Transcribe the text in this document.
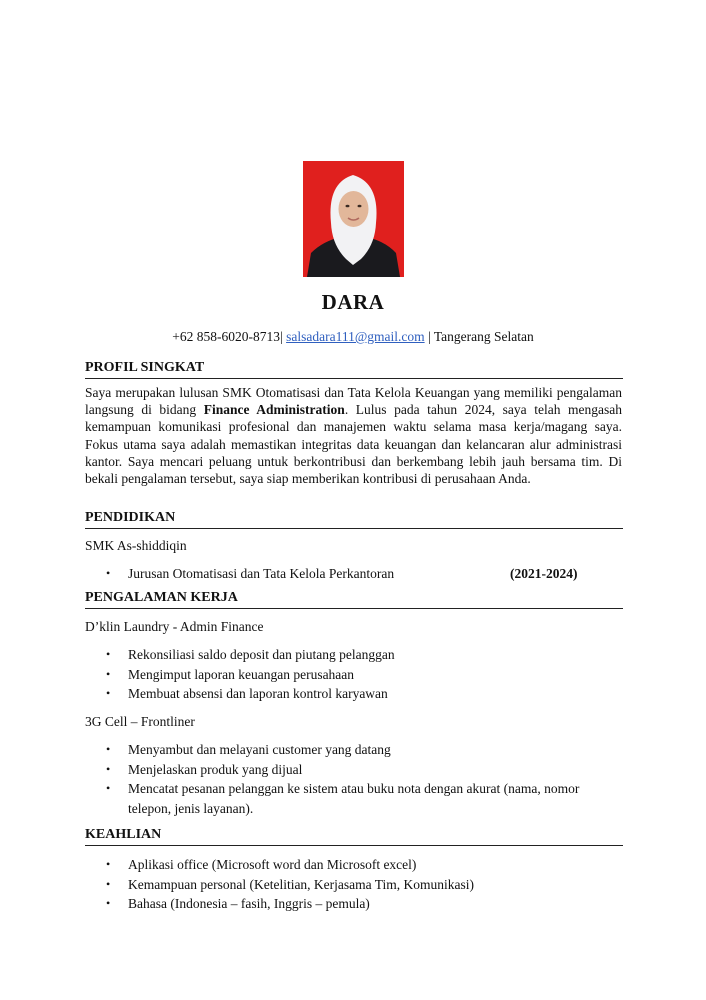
DARA
+62 858-6020-8713| salsadara111@gmail.com | Tangerang Selatan
PROFIL SINGKAT

Saya merupakan lulusan SMK Otomatisasi dan Tata Kelola Keuangan yang memiliki pengalaman langsung di bidang Finance Administration. Lulus pada tahun 2024, saya telah mengasah kemampuan komunikasi profesional dan manajemen waktu selama masa kerja/magang saya. Fokus utama saya adalah memastikan integritas data keuangan dan kelancaran alur administrasi kantor. Saya mencari peluang untuk berkontribusi dan berkembang lebih jauh bersama tim. Di bekali pengalaman tersebut, saya siap memberikan kontribusi di perusahaan Anda.

PENDIDIKAN
SMK As-shiddiqin
• Jurusan Otomatisasi dan Tata Kelola Perkantoran	(2021-2024)
PENGALAMAN KERJA
D’klin Laundry - Admin Finance
• Rekonsiliasi saldo deposit dan piutang pelanggan
• Mengimput laporan keuangan perusahaan
• Membuat absensi dan laporan kontrol karyawan
3G Cell – Frontliner
• Menyambut dan melayani customer yang datang
• Menjelaskan produk yang dijual
• Mencatat pesanan pelanggan ke sistem atau buku nota dengan akurat (nama, nomor telepon, jenis layanan).
KEAHLIAN
• Aplikasi office (Microsoft word dan Microsoft excel)
• Kemampuan personal (Ketelitian, Kerjasama Tim, Komunikasi)
• Bahasa (Indonesia – fasih, Inggris – pemula)
